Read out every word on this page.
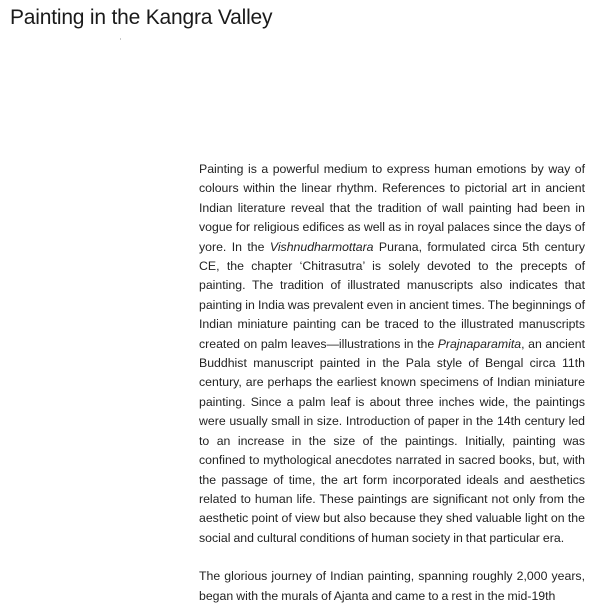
Painting in the Kangra Valley

Painting is a powerful medium to express human emotions by way of colours within the linear rhythm. References to pictorial art in ancient Indian literature reveal that the tradition of wall painting had been in vogue for religious edifices as well as in royal palaces since the days of yore. In the Vishnudharmottara Purana, formulated circa 5th century CE, the chapter ‘Chitrasutra’ is solely devoted to the precepts of painting. The tradition of illustrated manuscripts also indicates that painting in India was prevalent even in ancient times. The beginnings of Indian miniature painting can be traced to the illustrated manuscripts created on palm leaves—illustrations in the Prajnaparamita, an ancient Buddhist manuscript painted in the Pala style of Bengal circa 11th century, are perhaps the earliest known specimens of Indian miniature painting. Since a palm leaf is about three inches wide, the paintings were usually small in size. Introduction of paper in the 14th century led to an increase in the size of the paintings. Initially, painting was confined to mythological anecdotes narrated in sacred books, but, with the passage of time, the art form incorporated ideals and aesthetics related to human life. These paintings are significant not only from the aesthetic point of view but also because they shed valuable light on the social and cultural conditions of human society in that particular era.

The glorious journey of Indian painting, spanning roughly 2,000 years, began with the murals of Ajanta and came to a rest in the mid-19th
